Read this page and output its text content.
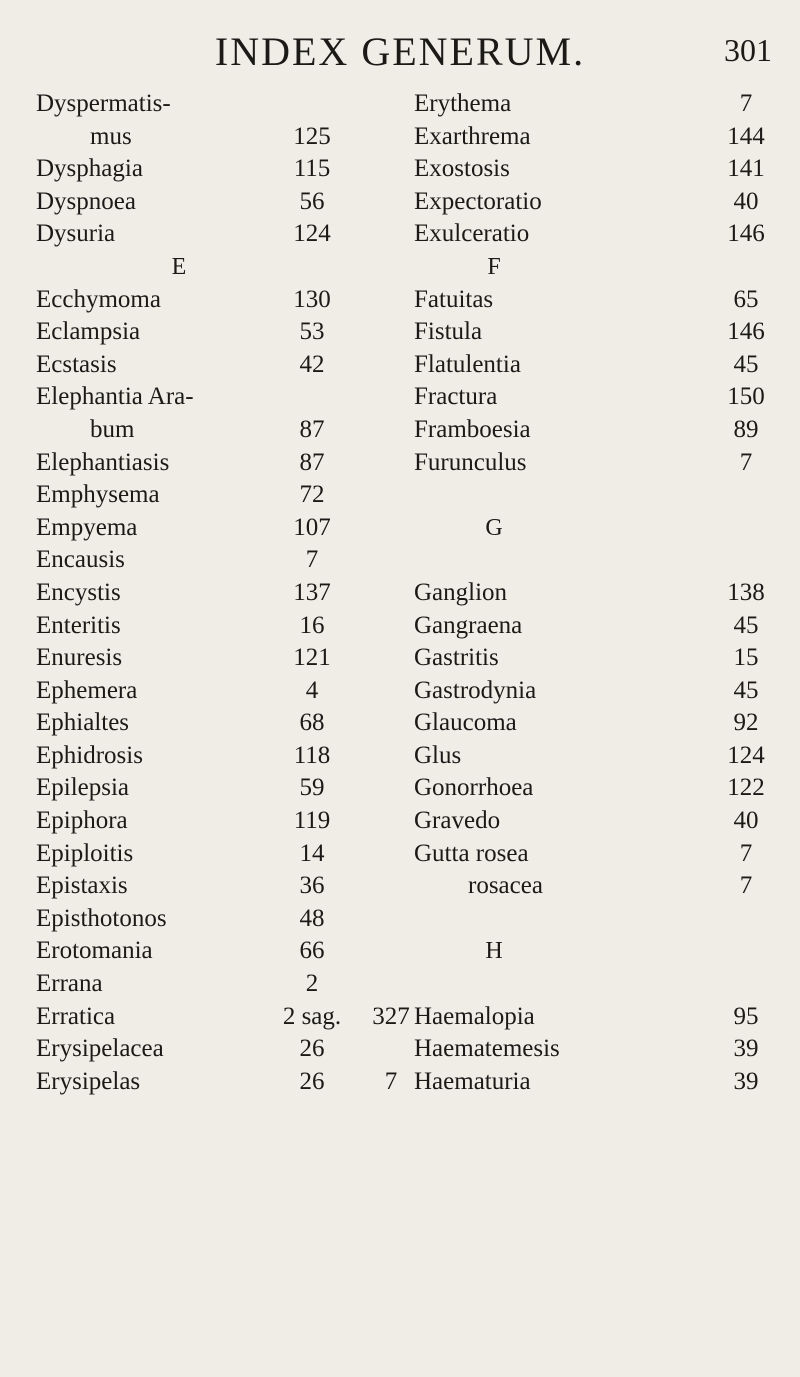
INDEX GENERUM.	301
Dyspermatis-
mus	125
Dysphagia	115
Dyspnoea	56
Dysuria	124
E
Ecchymoma	130
Eclampsia	53
Ecstasis	42
Elephantia Ara-
bum	87
Elephantiasis	87
Emphysema	72
Empyema	107
Encausis	7
Encystis	137
Enteritis	16
Enuresis	121
Ephemera	4
Ephialtes	68
Ephidrosis	118
Epilepsia	59
Epiphora	119
Epiploitis	14
Epistaxis	36
Episthotonos	48
Erotomania	66
Errana	2
Erratica	2 sag. 327
Erysipelacea	26
Erysipelas	26	7
Erythema	7
Exarthrema	144
Exostosis	141
Expectoratio	40
Exulceratio	146
F
Fatuitas	65
Fistula	146
Flatulentia	45
Fractura	150
Framboesia	89
Furunculus	7
G
Ganglion	138
Gangraena	45
Gastritis	15
Gastrodynia	45
Glaucoma	92
Glus	124
Gonorrhoea	122
Gravedo	40
Gutta rosea	7
rosacea	7
H
Haemalopia	95
Haematemesis	39
Haematuria	39
